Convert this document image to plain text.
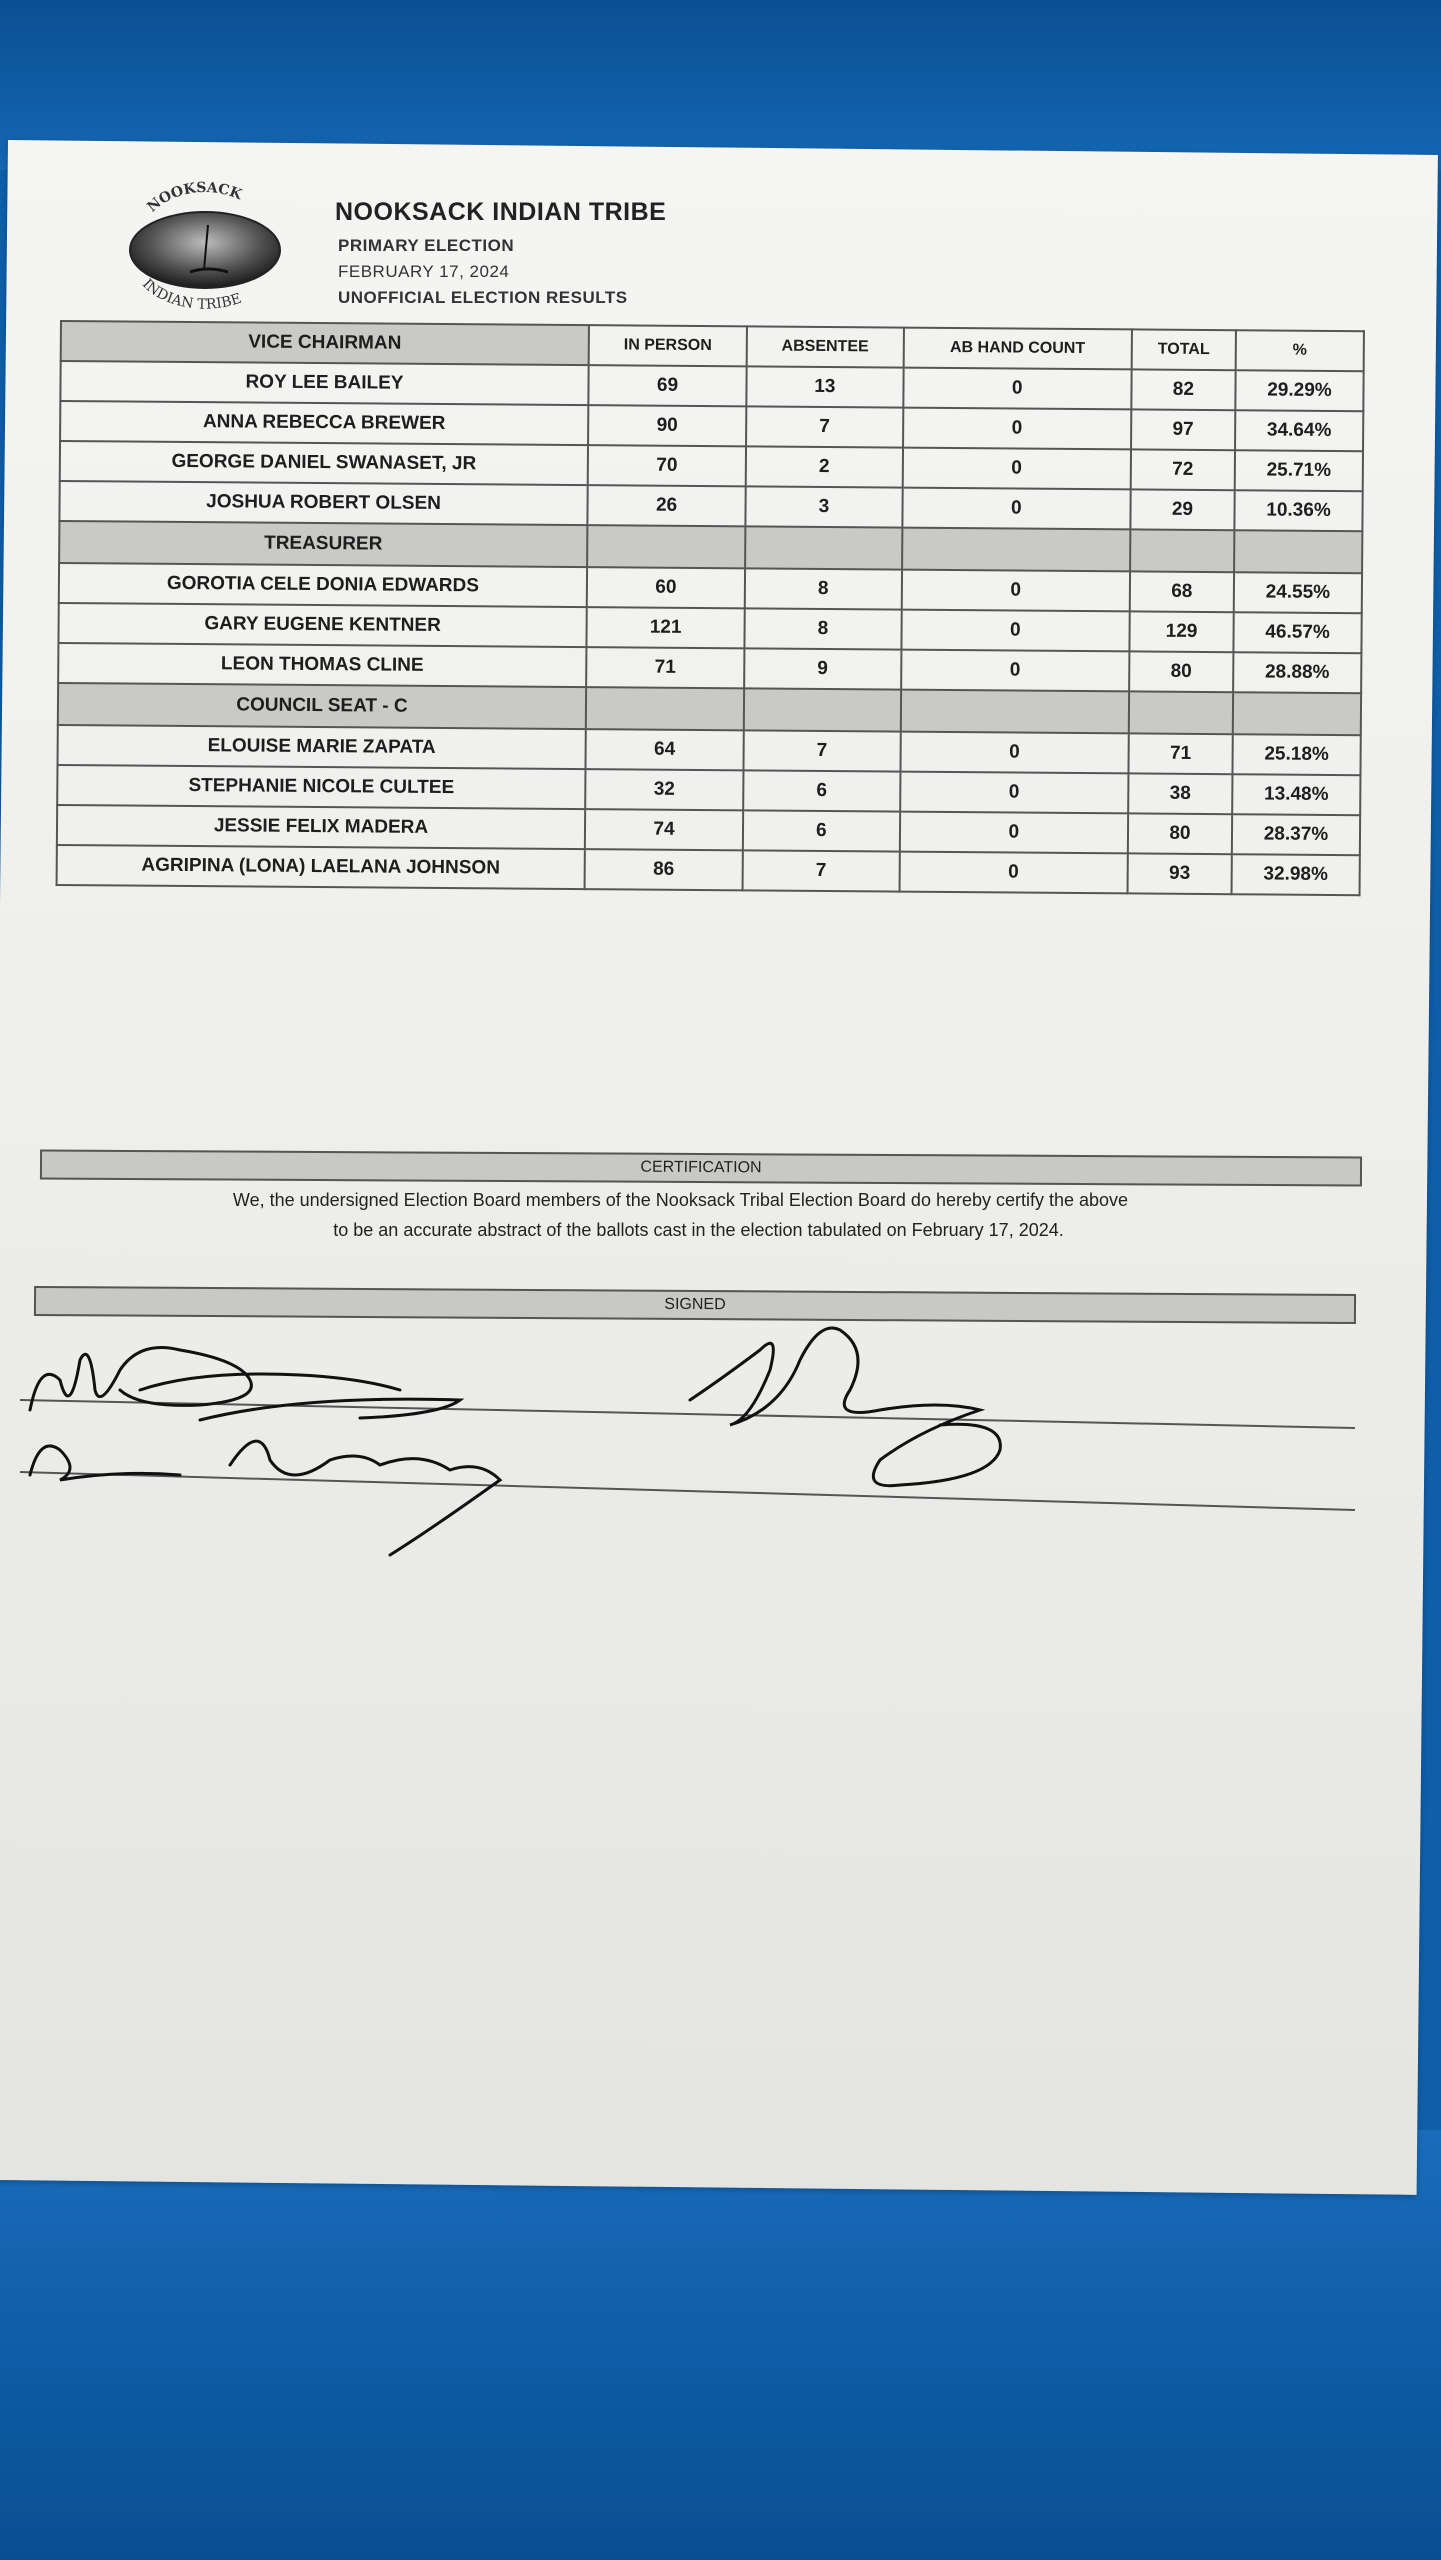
NOOKSACK
INDIAN TRIBE
NOOKSACK INDIAN TRIBE
PRIMARY ELECTION
FEBRUARY 17, 2024
UNOFFICIAL ELECTION RESULTS
VICE CHAIRMAN	IN PERSON	ABSENTEE	AB HAND COUNT	TOTAL	%
ROY LEE BAILEY	69	13	0	82	29.29%
ANNA REBECCA BREWER	90	7	0	97	34.64%
GEORGE DANIEL SWANASET, JR	70	2	0	72	25.71%
JOSHUA ROBERT OLSEN	26	3	0	29	10.36%
TREASURER					
GOROTIA CELE DONIA EDWARDS	60	8	0	68	24.55%
GARY EUGENE KENTNER	121	8	0	129	46.57%
LEON THOMAS CLINE	71	9	0	80	28.88%
COUNCIL SEAT - C					
ELOUISE MARIE ZAPATA	64	7	0	71	25.18%
STEPHANIE NICOLE CULTEE	32	6	0	38	13.48%
JESSIE FELIX MADERA	74	6	0	80	28.37%
AGRIPINA (LONA) LAELANA JOHNSON	86	7	0	93	32.98%
CERTIFICATION
We, the undersigned Election Board members of the Nooksack Tribal Election Board do hereby certify the above
to be an accurate abstract of the ballots cast in the election tabulated on February 17, 2024.
SIGNED
